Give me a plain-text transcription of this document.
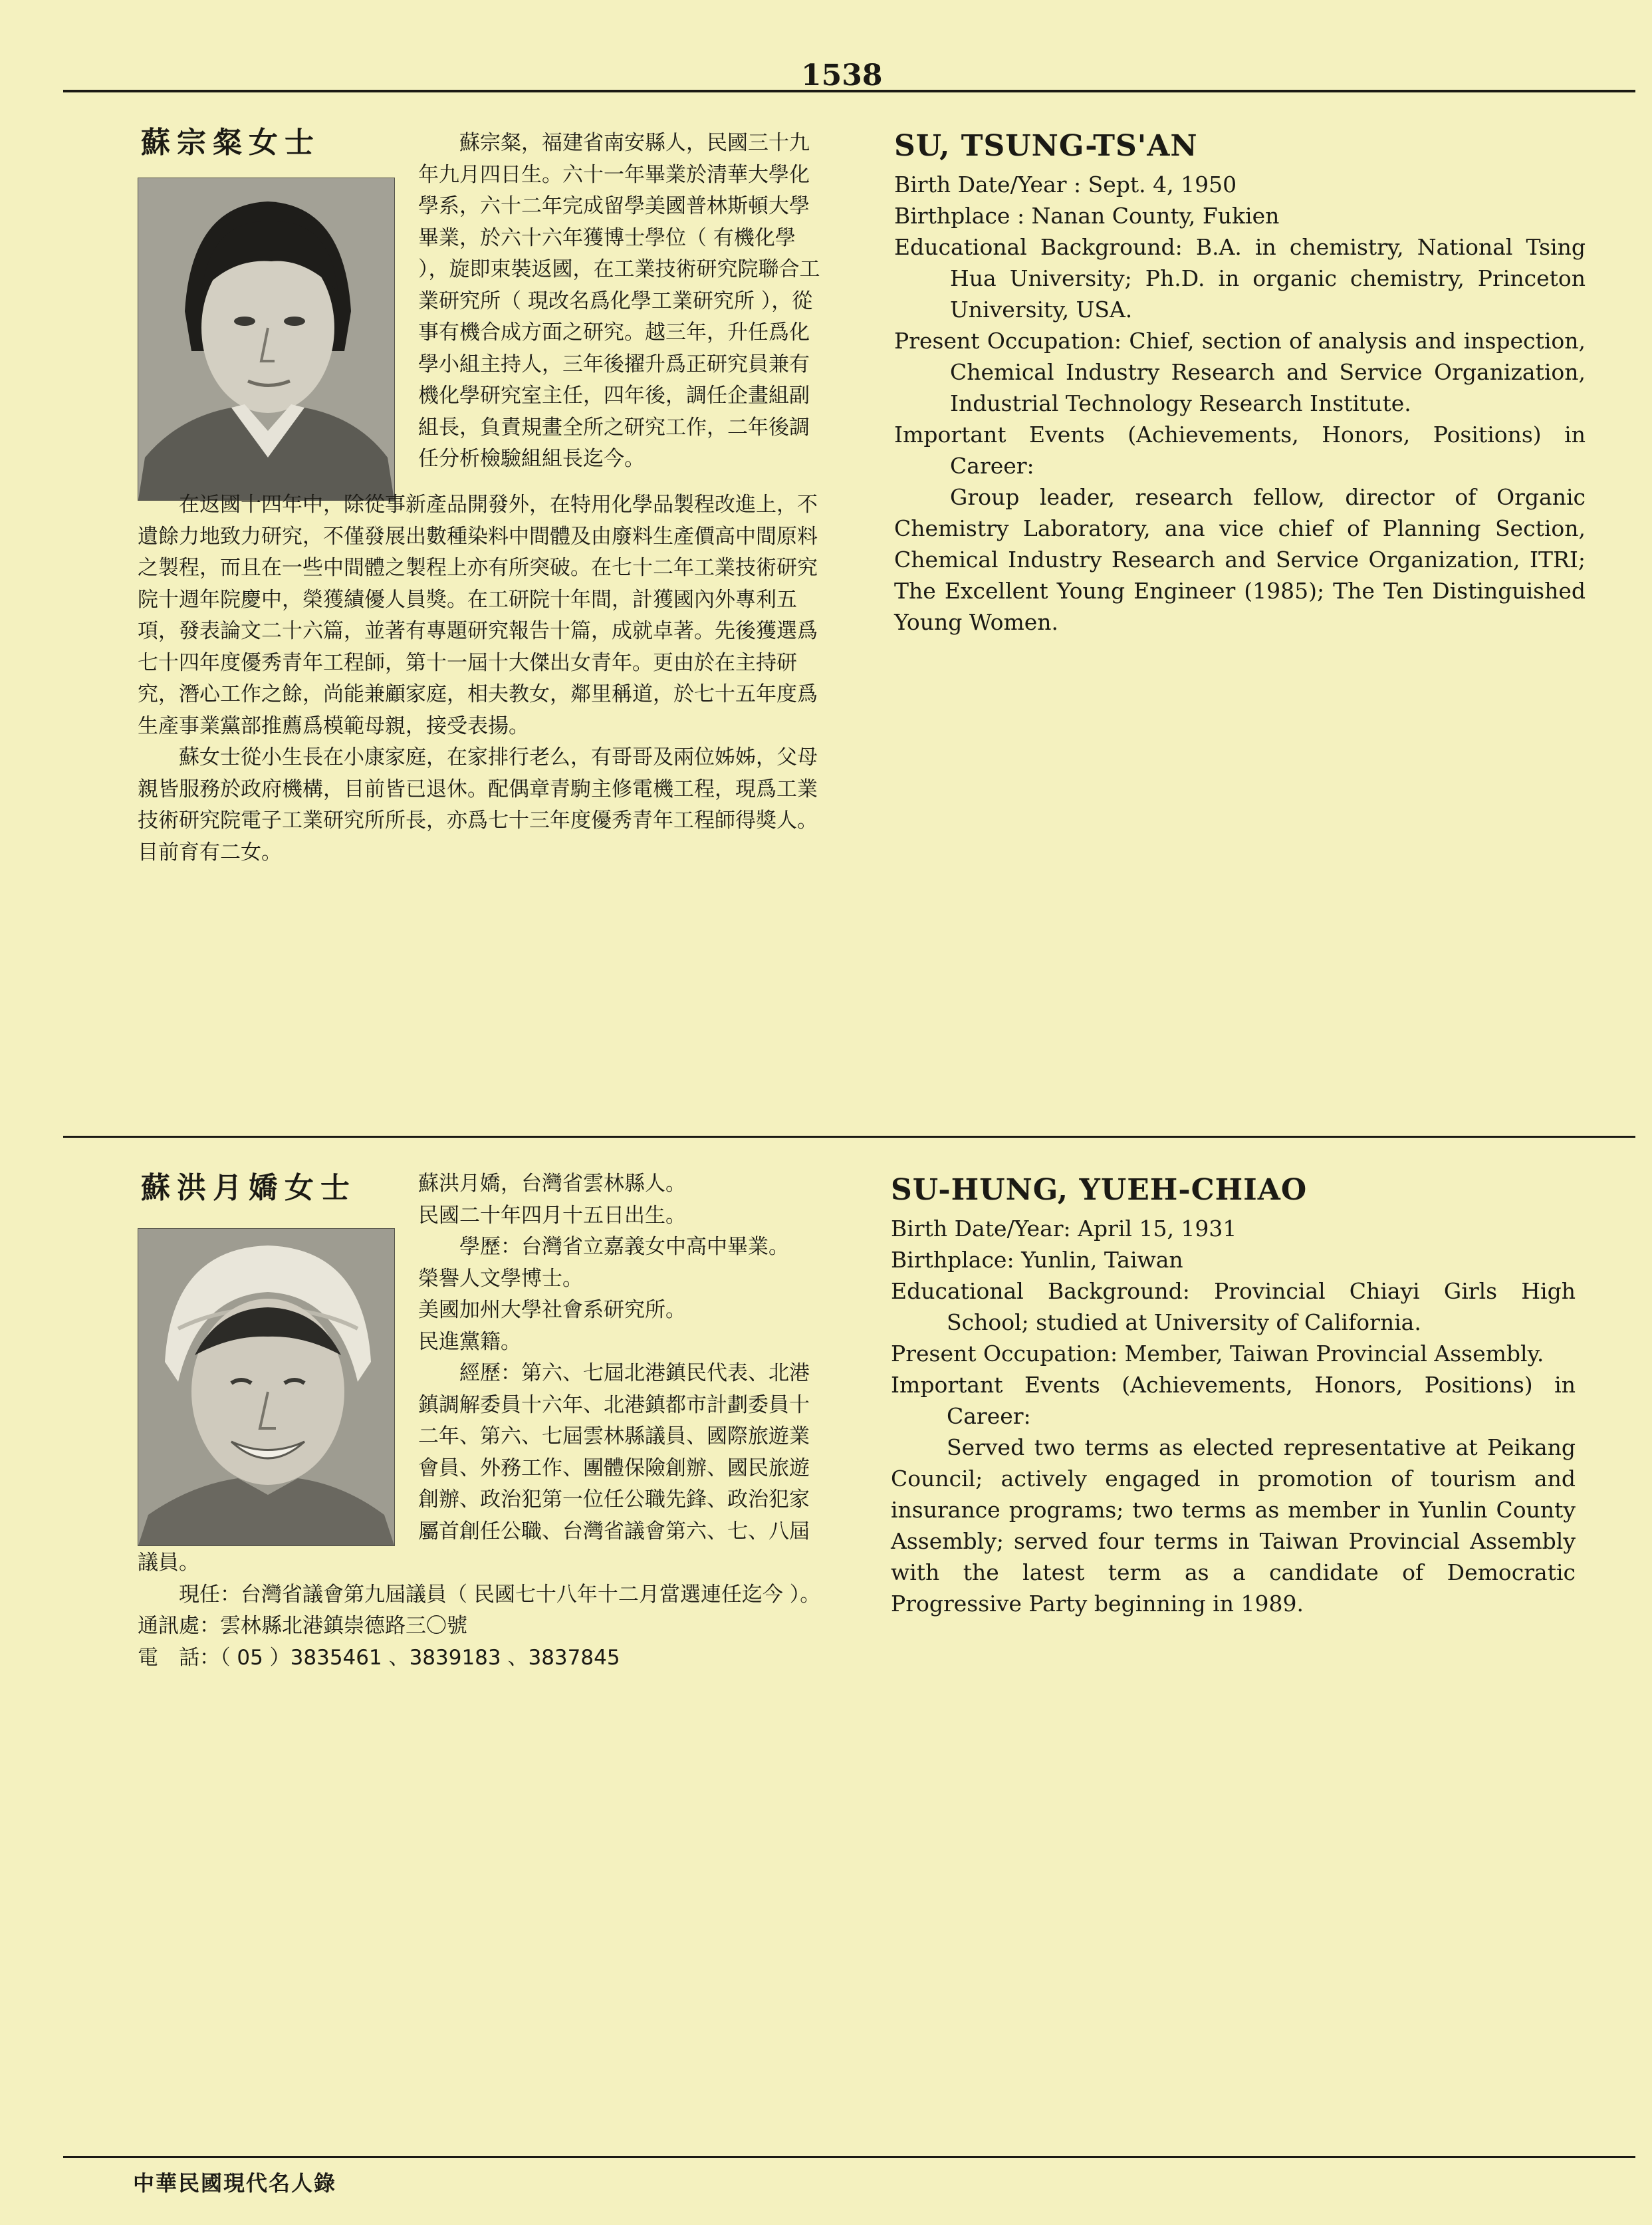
1538
蘇宗粲女士	蘇宗粲，福建省南安縣人，民國三十九年九月四日生。六十一年畢業於清華大學化學系，六十二年完成留學美國普林斯頓大學畢業，於六十六年獲博士學位（ 有機化學 ），旋即束裝返國，在工業技術研究院聯合工業研究所（ 現改名爲化學工業研究所 ），從事有機合成方面之研究。越三年，升任爲化學小組主持人，三年後擢升爲正研究員兼有機化學研究室主任，四年後，調任企畫組副組長，負責規畫全所之研究工作，二年後調任分析檢驗組組長迄今。

在返國十四年中，除從事新產品開發外，在特用化學品製程改進上，不遺餘力地致力研究，不僅發展出數種染料中間體及由廢料生產價高中間原料之製程，而且在一些中間體之製程上亦有所突破。在七十二年工業技術研究院十週年院慶中，榮獲績優人員獎。在工研院十年間，計獲國內外專利五項，發表論文二十六篇，並著有專題研究報告十篇，成就卓著。先後獲選爲七十四年度優秀青年工程師，第十一屆十大傑出女青年。更由於在主持研究，潛心工作之餘，尚能兼顧家庭，相夫教女，鄰里稱道，於七十五年度爲生產事業黨部推薦爲模範母親，接受表揚。

蘇女士從小生長在小康家庭，在家排行老么，有哥哥及兩位姊姊，父母親皆服務於政府機構，目前皆已退休。配偶章青駒主修電機工程，現爲工業技術研究院電子工業研究所所長，亦爲七十三年度優秀青年工程師得獎人。目前育有二女。

SU, TSUNG-TS'AN

Birth Date/Year : Sept. 4, 1950

Birthplace : Nanan County, Fukien

Educational Background: B.A. in chemistry, National Tsing Hua University; Ph.D. in organic chemistry, Princeton University, USA.

Present Occupation: Chief, section of analysis and inspection, Chemical Industry Research and Service Organization, Industrial Technology Research Institute.

Important Events (Achievements, Honors, Positions) in Career:

Group leader, research fellow, director of Organic Chemistry Laboratory, ana vice chief of Planning Section, Chemical Industry Research and Service Organization, ITRI; The Excellent Young Engineer (1985); The Ten Distinguished Young Women.

蘇洪月嬌女士	蘇洪月嬌，台灣省雲林縣人。

民國二十年四月十五日出生。

學歷：台灣省立嘉義女中高中畢業。

榮譽人文學博士。

美國加州大學社會系研究所。

民進黨籍。

經歷：第六、七屆北港鎮民代表、北港鎮調解委員十六年、北港鎮都市計劃委員十二年、第六、七屆雲林縣議員、國際旅遊業會員、外務工作、團體保險創辦、國民旅遊創辦、政治犯第一位任公職先鋒、政治犯家屬首創任公職、台灣省議會第六、七、八屆議員。

現任：台灣省議會第九屆議員（ 民國七十八年十二月當選連任迄今 ）。

通訊處：雲林縣北港鎮崇德路三〇號

電　話：（ 05 ）3835461 、3839183 、3837845

SU-HUNG, YUEH-CHIAO

Birth Date/Year: April 15, 1931

Birthplace: Yunlin, Taiwan

Educational Background: Provincial Chiayi Girls High School; studied at University of California.

Present Occupation: Member, Taiwan Provincial Assembly.

Important Events (Achievements, Honors, Positions) in Career:

Served two terms as elected representative at Peikang Council; actively engaged in promotion of tourism and insurance programs; two terms as member in Yunlin County Assembly; served four terms in Taiwan Provincial Assembly with the latest term as a candidate of Democratic Progressive Party beginning in 1989.

中華民國現代名人錄
